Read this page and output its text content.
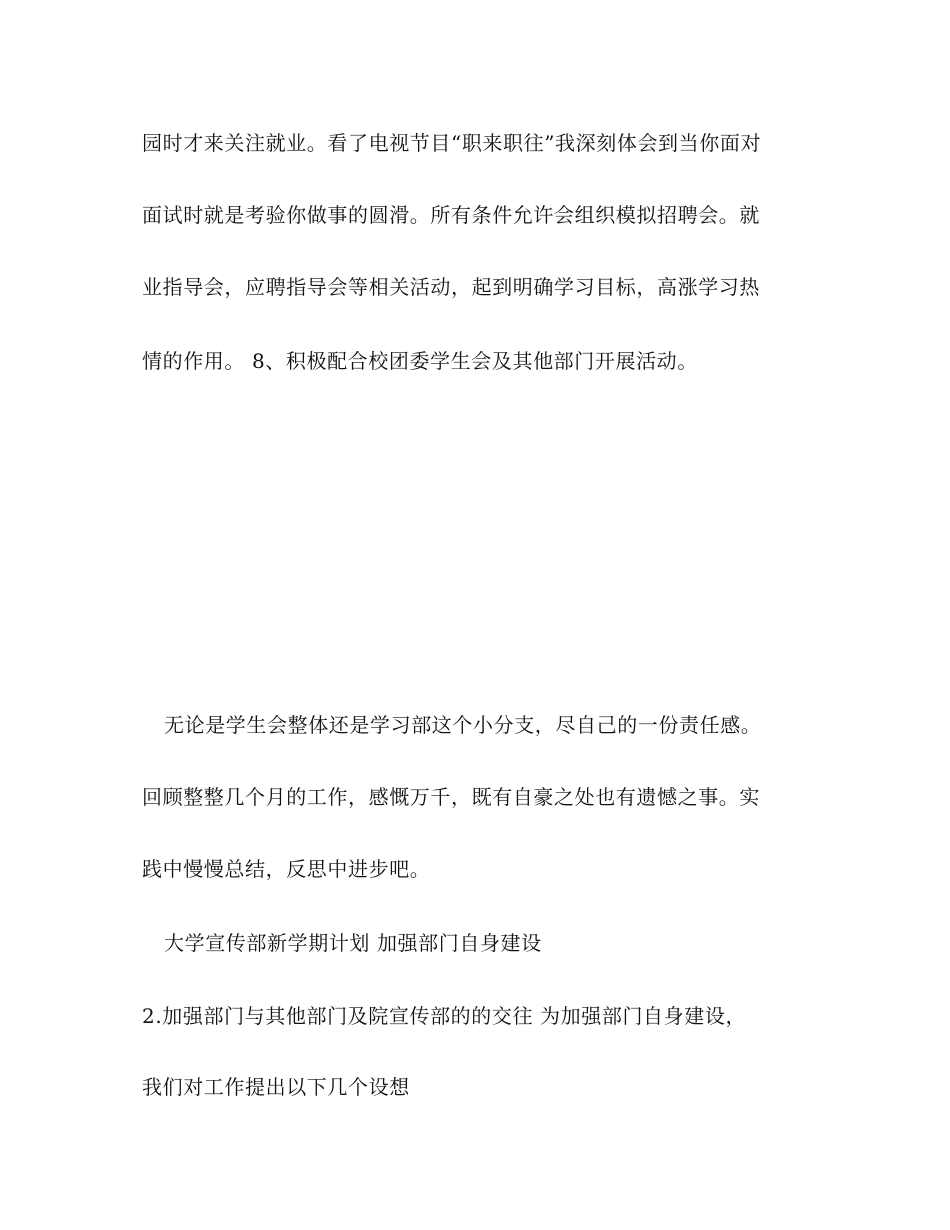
园时才来关注就业。看了电视节目“职来职往”我深刻体会到当你面对
面试时就是考验你做事的圆滑。所有条件允许会组织模拟招聘会。就
业指导会，应聘指导会等相关活动，起到明确学习目标，高涨学习热
情的作用。 8、积极配合校团委学生会及其他部门开展活动。
无论是学生会整体还是学习部这个小分支，尽自己的一份责任感。
回顾整整几个月的工作，感慨万千，既有自豪之处也有遗憾之事。实
践中慢慢总结，反思中进步吧。
大学宣传部新学期计划 加强部门自身建设
2.加强部门与其他部门及院宣传部的的交往 为加强部门自身建设，
我们对工作提出以下几个设想
